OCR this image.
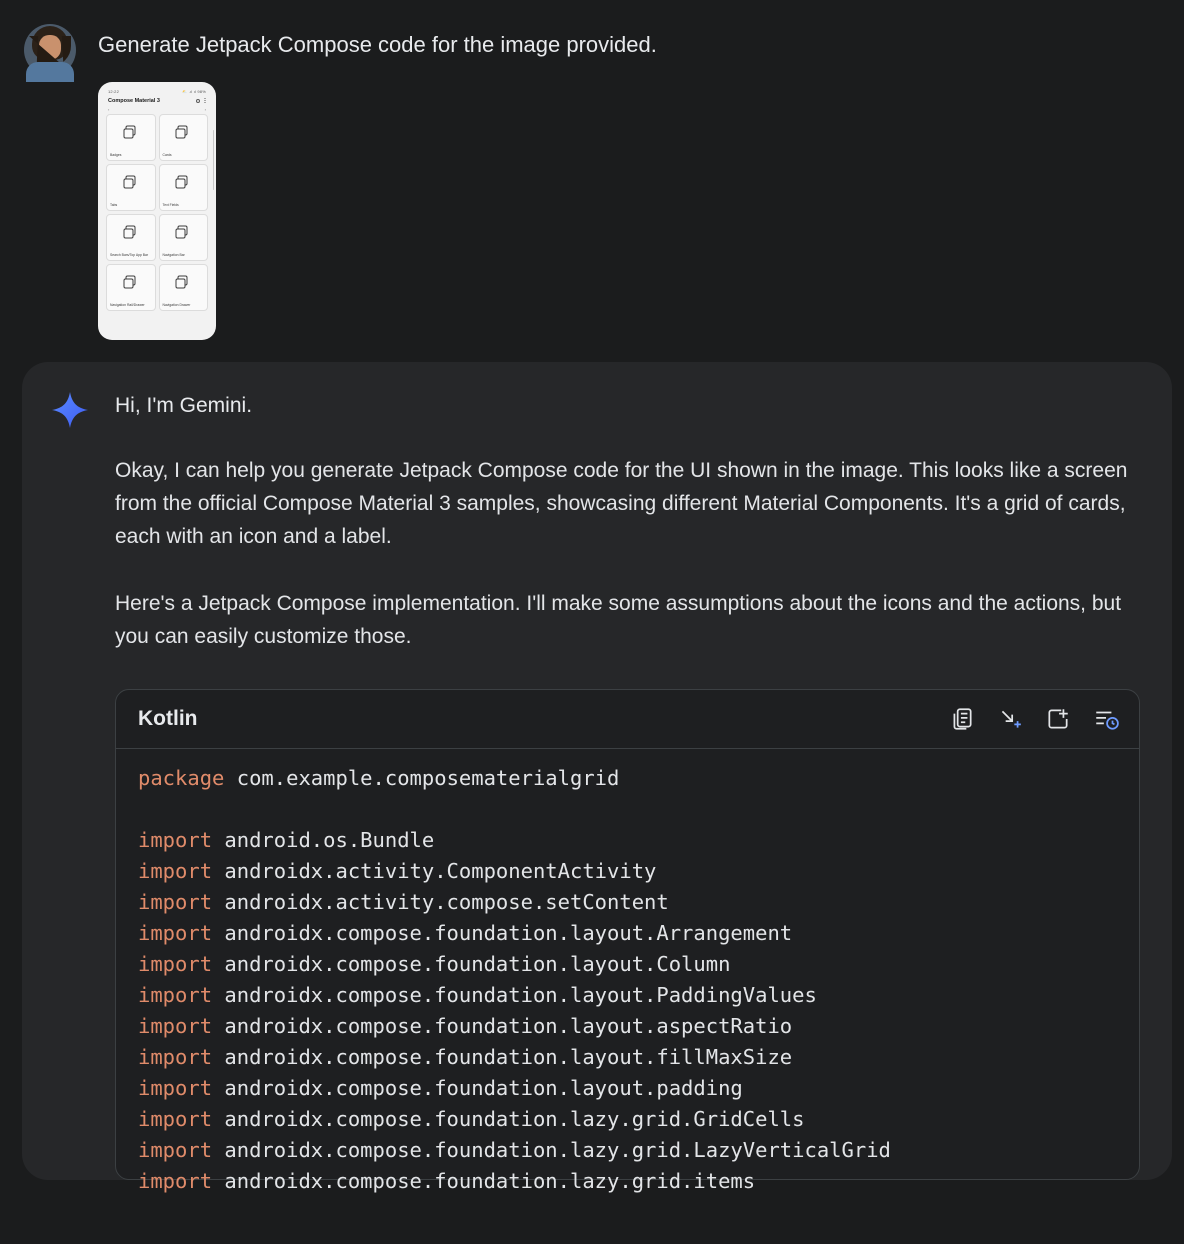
Generate Jetpack Compose code for the image provided.

12:22	⛅ .ıl ıl 98%
Compose Material 3
‹	›
Badges	Cards
Tabs	Text Fields
Search Bars/Top App Bar	Navigation Bar
Navigation Rail/Drawer	Navigation Drawer

Hi, I'm Gemini.

Okay, I can help you generate Jetpack Compose code for the UI shown in the image. This looks like a screen from the official Compose Material 3 samples, showcasing different Material Components. It's a grid of cards, each with an icon and a label.

Here's a Jetpack Compose implementation. I'll make some assumptions about the icons and the actions, but you can easily customize those.

Kotlin
package com.example.composematerialgrid

import android.os.Bundle
import androidx.activity.ComponentActivity
import androidx.activity.compose.setContent
import androidx.compose.foundation.layout.Arrangement
import androidx.compose.foundation.layout.Column
import androidx.compose.foundation.layout.PaddingValues
import androidx.compose.foundation.layout.aspectRatio
import androidx.compose.foundation.layout.fillMaxSize
import androidx.compose.foundation.layout.padding
import androidx.compose.foundation.lazy.grid.GridCells
import androidx.compose.foundation.lazy.grid.LazyVerticalGrid
import androidx.compose.foundation.lazy.grid.items
